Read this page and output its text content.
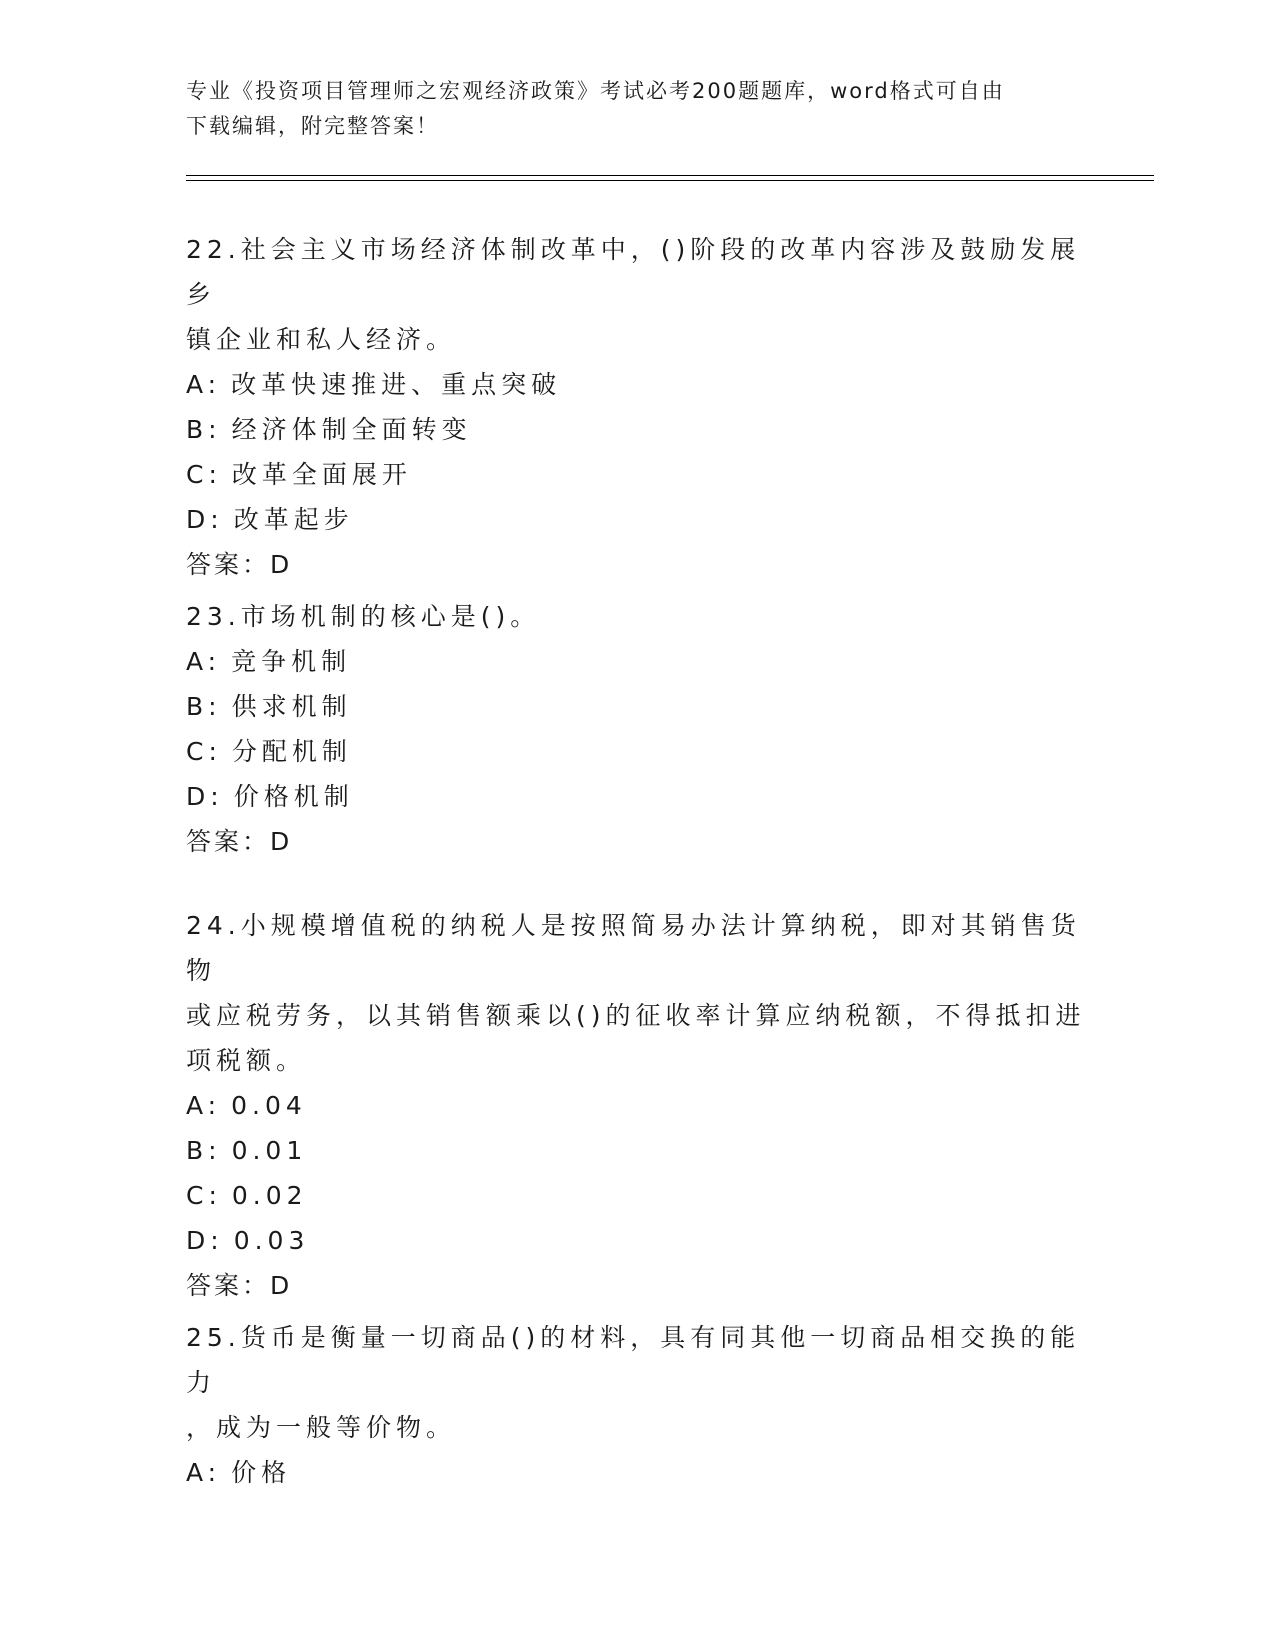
专业《投资项目管理师之宏观经济政策》考试必考200题题库，word格式可自由
下载编辑，附完整答案！
22.社会主义市场经济体制改革中，()阶段的改革内容涉及鼓励发展乡
镇企业和私人经济。
A: 改革快速推进、重点突破
B: 经济体制全面转变
C: 改革全面展开
D: 改革起步
答案：D
23.市场机制的核心是()。
A: 竞争机制
B: 供求机制
C: 分配机制
D: 价格机制
答案：D
24.小规模增值税的纳税人是按照简易办法计算纳税，即对其销售货物
或应税劳务，以其销售额乘以()的征收率计算应纳税额，不得抵扣进
项税额。
A: 0.04
B: 0.01
C: 0.02
D: 0.03
答案：D
25.货币是衡量一切商品()的材料，具有同其他一切商品相交换的能力
，成为一般等价物。
A: 价格
